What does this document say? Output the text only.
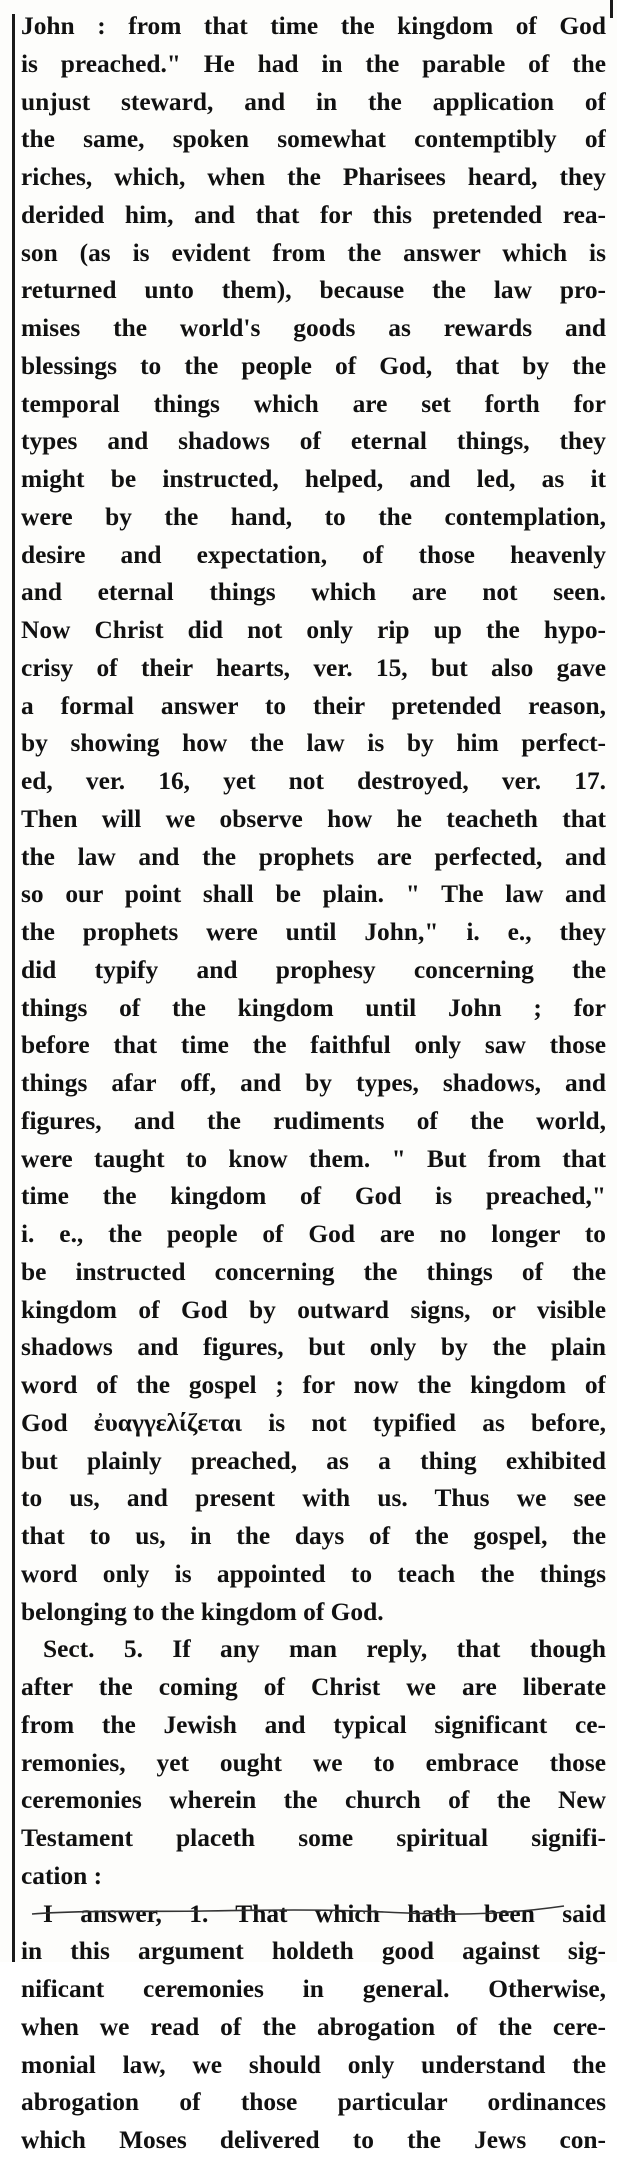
John : from that time the kingdom of God
is preached." He had in the parable of the
unjust steward, and in the application of
the same, spoken somewhat contemptibly of
riches, which, when the Pharisees heard, they
derided him, and that for this pretended rea-
son (as is evident from the answer which is
returned unto them), because the law pro-
mises the world's goods as rewards and
blessings to the people of God, that by the
temporal things which are set forth for
types and shadows of eternal things, they
might be instructed, helped, and led, as it
were by the hand, to the contemplation,
desire and expectation, of those heavenly
and eternal things which are not seen.
Now Christ did not only rip up the hypo-
crisy of their hearts, ver. 15, but also gave
a formal answer to their pretended reason,
by showing how the law is by him perfect-
ed, ver. 16, yet not destroyed, ver. 17.
Then will we observe how he teacheth that
the law and the prophets are perfected, and
so our point shall be plain. " The law and
the prophets were until John," i. e., they
did typify and prophesy concerning the
things of the kingdom until John ; for
before that time the faithful only saw those
things afar off, and by types, shadows, and
figures, and the rudiments of the world,
were taught to know them. " But from that
time the kingdom of God is preached,"
i. e., the people of God are no longer to
be instructed concerning the things of the
kingdom of God by outward signs, or visible
shadows and figures, but only by the plain
word of the gospel ; for now the kingdom of
God ἐυαγγελίζεται is not typified as before,
but plainly preached, as a thing exhibited
to us, and present with us. Thus we see
that to us, in the days of the gospel, the
word only is appointed to teach the things
belonging to the kingdom of God.
Sect. 5. If any man reply, that though
after the coming of Christ we are liberate
from the Jewish and typical significant ce-
remonies, yet ought we to embrace those
ceremonies wherein the church of the New
Testament placeth some spiritual signifi-
cation :
I answer, 1. That which hath been said
in this argument holdeth good against sig-
nificant ceremonies in general. Otherwise,
when we read of the abrogation of the cere-
monial law, we should only understand the
abrogation of those particular ordinances
which Moses delivered to the Jews con-
